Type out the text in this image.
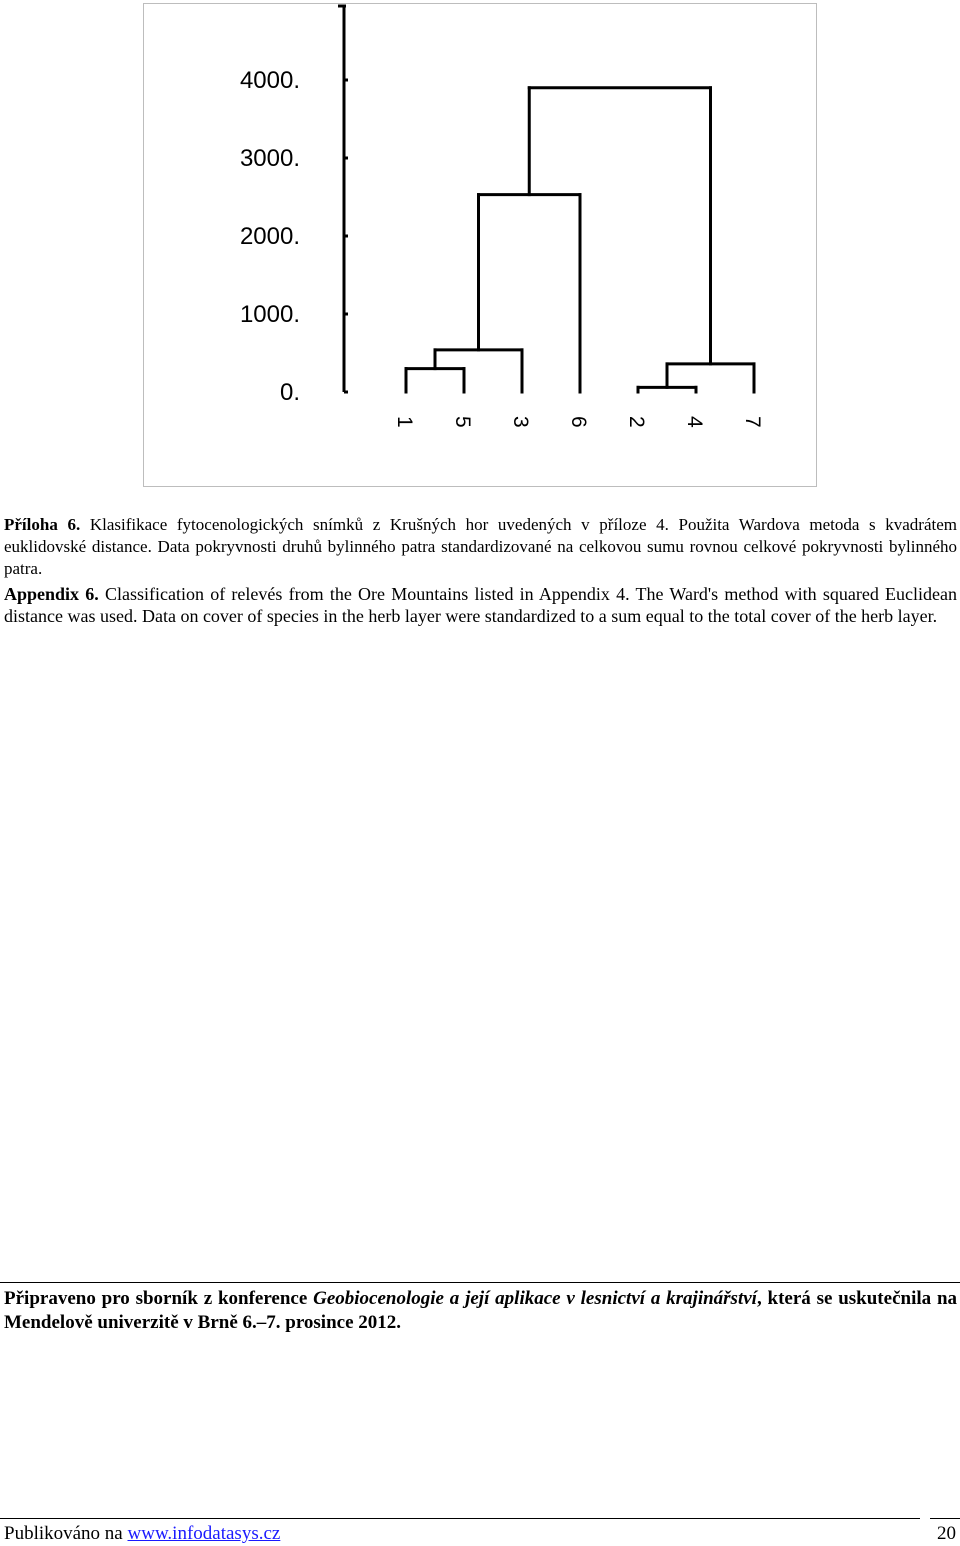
0.
1000.
2000.
3000.
4000.
1 5 3 6 2 4 7
Příloha 6. Klasifikace fytocenologických snímků z Krušných hor uvedených v příloze 4. Použita Wardova metoda s kvadrátem euklidovské distance. Data pokryvnosti druhů bylinného patra standardizované na celkovou sumu rovnou celkové pokryvnosti bylinného patra.
Appendix 6. Classification of relevés from the Ore Mountains listed in Appendix 4. The Ward's method with squared Euclidean distance was used. Data on cover of species in the herb layer were standardized to a sum equal to the total cover of the herb layer.
Připraveno pro sborník z konference Geobiocenologie a její aplikace v lesnictví a krajinářství, která se uskutečnila na Mendelově univerzitě v Brně 6.–7. prosince 2012.
Publikováno na www.infodatasys.cz	20
